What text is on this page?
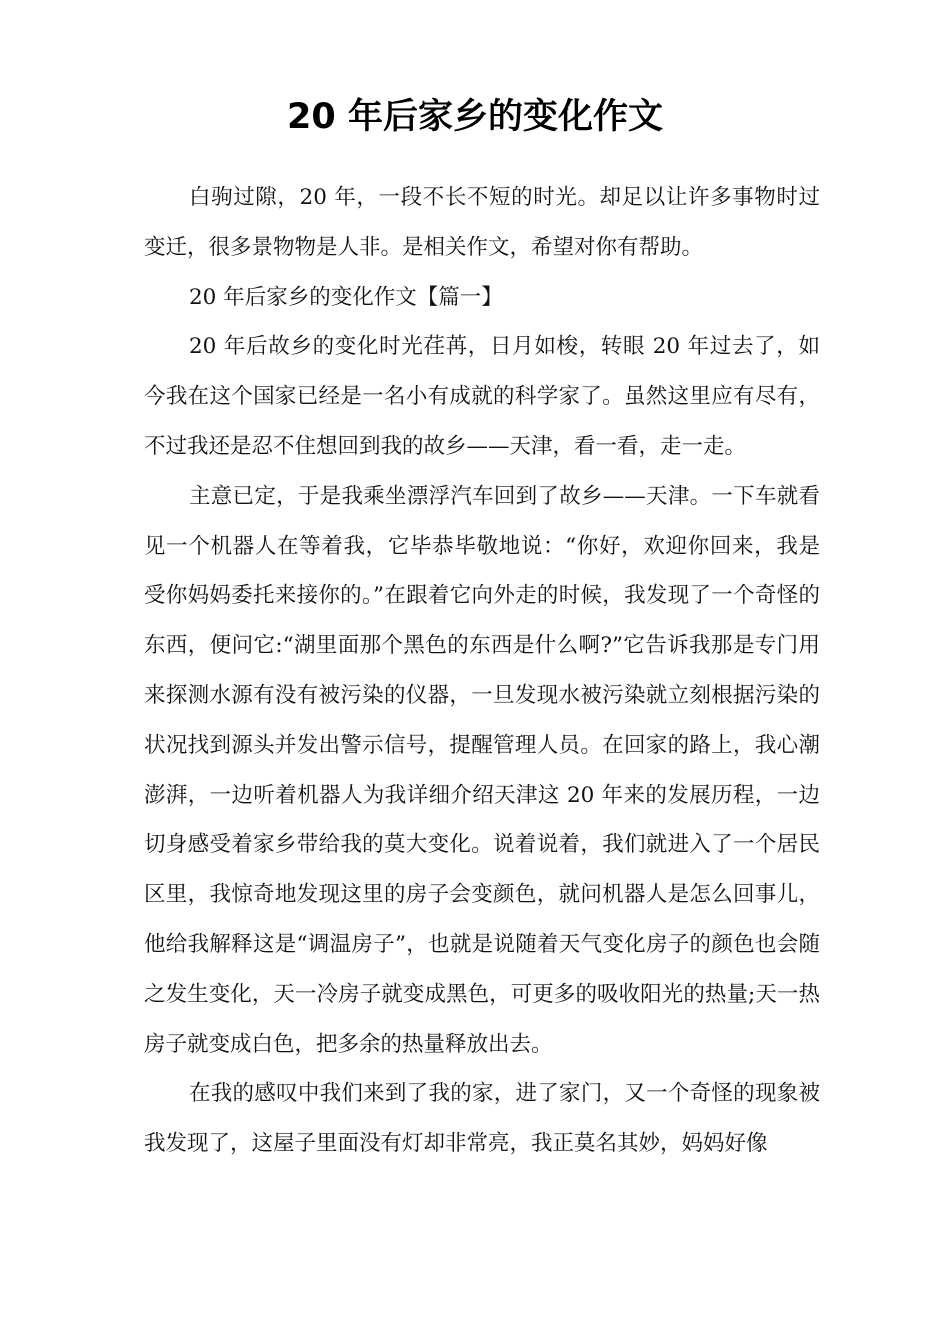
20 年后家乡的变化作文

白驹过隙，20 年，一段不长不短的时光。却足以让许多事物时过变迁，很多景物物是人非。是相关作文，希望对你有帮助。

20 年后家乡的变化作文【篇一】

20 年后故乡的变化时光荏苒，日月如梭，转眼 20 年过去了，如今我在这个国家已经是一名小有成就的科学家了。虽然这里应有尽有，不过我还是忍不住想回到我的故乡——天津，看一看，走一走。

主意已定，于是我乘坐漂浮汽车回到了故乡——天津。一下车就看见一个机器人在等着我，它毕恭毕敬地说：“你好，欢迎你回来，我是受你妈妈委托来接你的。”在跟着它向外走的时候，我发现了一个奇怪的东西，便问它:“湖里面那个黑色的东西是什么啊?”它告诉我那是专门用来探测水源有没有被污染的仪器，一旦发现水被污染就立刻根据污染的状况找到源头并发出警示信号，提醒管理人员。在回家的路上，我心潮澎湃，一边听着机器人为我详细介绍天津这 20 年来的发展历程，一边切身感受着家乡带给我的莫大变化。说着说着，我们就进入了一个居民区里，我惊奇地发现这里的房子会变颜色，就问机器人是怎么回事儿，他给我解释这是“调温房子”，也就是说随着天气变化房子的颜色也会随之发生变化，天一冷房子就变成黑色，可更多的吸收阳光的热量;天一热房子就变成白色，把多余的热量释放出去。

在我的感叹中我们来到了我的家，进了家门，又一个奇怪的现象被我发现了，这屋子里面没有灯却非常亮，我正莫名其妙，妈妈好像
